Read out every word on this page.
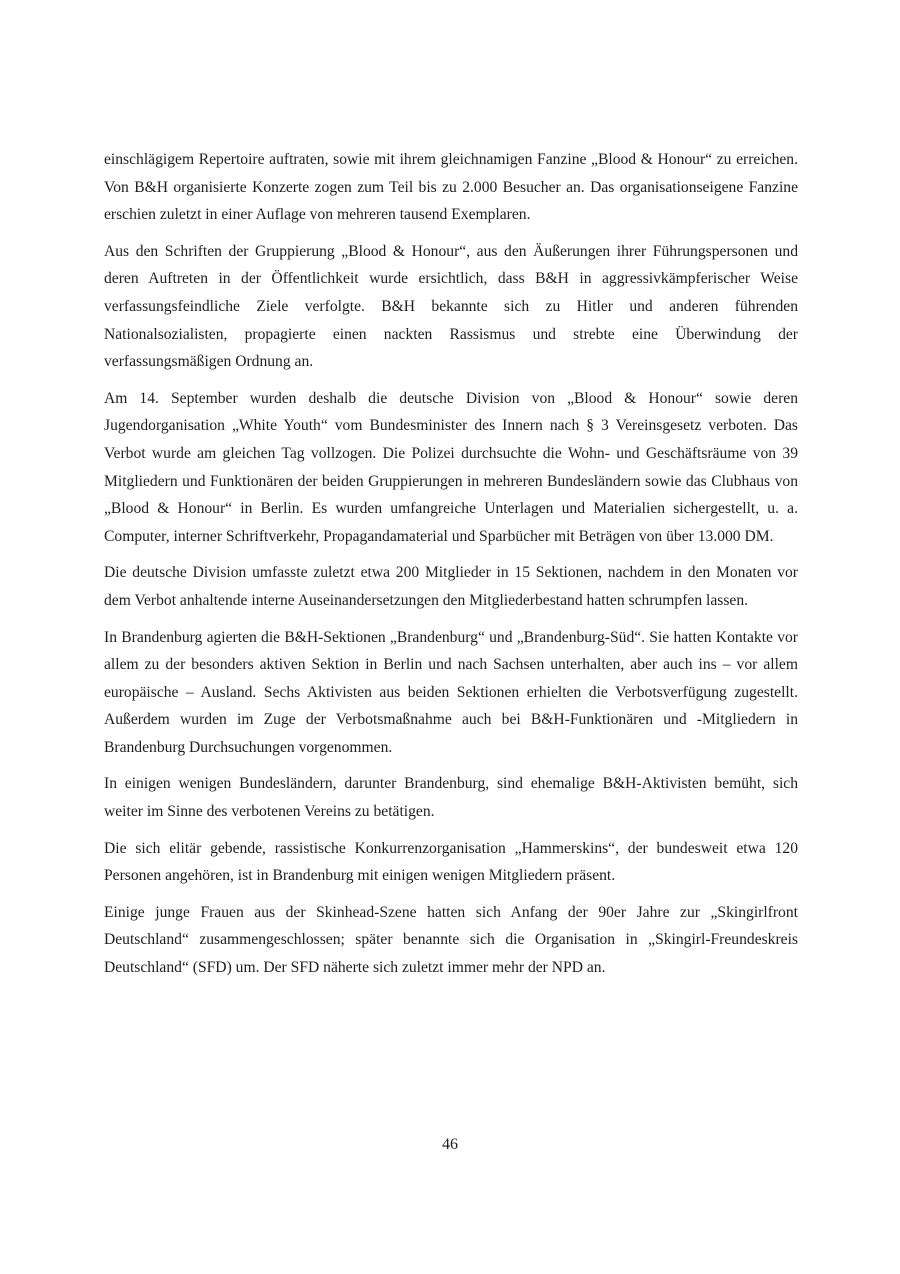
einschlägigem Repertoire auftraten, sowie mit ihrem gleichnamigen Fanzine „Blood & Honour“ zu erreichen. Von B&H organisierte Konzerte zogen zum Teil bis zu 2.000 Besucher an. Das organisationseigene Fanzine erschien zuletzt in einer Auflage von mehreren tausend Exemplaren.

Aus den Schriften der Gruppierung „Blood & Honour“, aus den Äußerungen ihrer Führungspersonen und deren Auftreten in der Öffentlichkeit wurde ersichtlich, dass B&H in aggressivkämpferischer Weise verfassungsfeindliche Ziele verfolgte. B&H bekannte sich zu Hitler und anderen führenden Nationalsozialisten, propagierte einen nackten Rassismus und strebte eine Überwindung der verfassungsmäßigen Ordnung an.

Am 14. September wurden deshalb die deutsche Division von „Blood & Honour“ sowie deren Jugendorganisation „White Youth“ vom Bundesminister des Innern nach § 3 Vereinsgesetz verboten. Das Verbot wurde am gleichen Tag vollzogen. Die Polizei durchsuchte die Wohn- und Geschäftsräume von 39 Mitgliedern und Funktionären der beiden Gruppierungen in mehreren Bundesländern sowie das Clubhaus von „Blood & Honour“ in Berlin. Es wurden umfangreiche Unterlagen und Materialien sichergestellt, u. a. Computer, interner Schriftverkehr, Propagandamaterial und Sparbücher mit Beträgen von über 13.000 DM.

Die deutsche Division umfasste zuletzt etwa 200 Mitglieder in 15 Sektionen, nachdem in den Monaten vor dem Verbot anhaltende interne Auseinandersetzungen den Mitgliederbestand hatten schrumpfen lassen.

In Brandenburg agierten die B&H-Sektionen „Brandenburg“ und „Brandenburg-Süd“. Sie hatten Kontakte vor allem zu der besonders aktiven Sektion in Berlin und nach Sachsen unterhalten, aber auch ins – vor allem europäische – Ausland. Sechs Aktivisten aus beiden Sektionen erhielten die Verbotsverfügung zugestellt. Außerdem wurden im Zuge der Verbotsmaßnahme auch bei B&H-Funktionären und -Mitgliedern in Brandenburg Durchsuchungen vorgenommen.

In einigen wenigen Bundesländern, darunter Brandenburg, sind ehemalige B&H-Aktivisten bemüht, sich weiter im Sinne des verbotenen Vereins zu betätigen.

Die sich elitär gebende, rassistische Konkurrenzorganisation „Hammerskins“, der bundesweit etwa 120 Personen angehören, ist in Brandenburg mit einigen wenigen Mitgliedern präsent.

Einige junge Frauen aus der Skinhead-Szene hatten sich Anfang der 90er Jahre zur „Skingirlfront Deutschland“ zusammengeschlossen; später benannte sich die Organisation in „Skingirl-Freundeskreis Deutschland“ (SFD) um. Der SFD näherte sich zuletzt immer mehr der NPD an.

46
